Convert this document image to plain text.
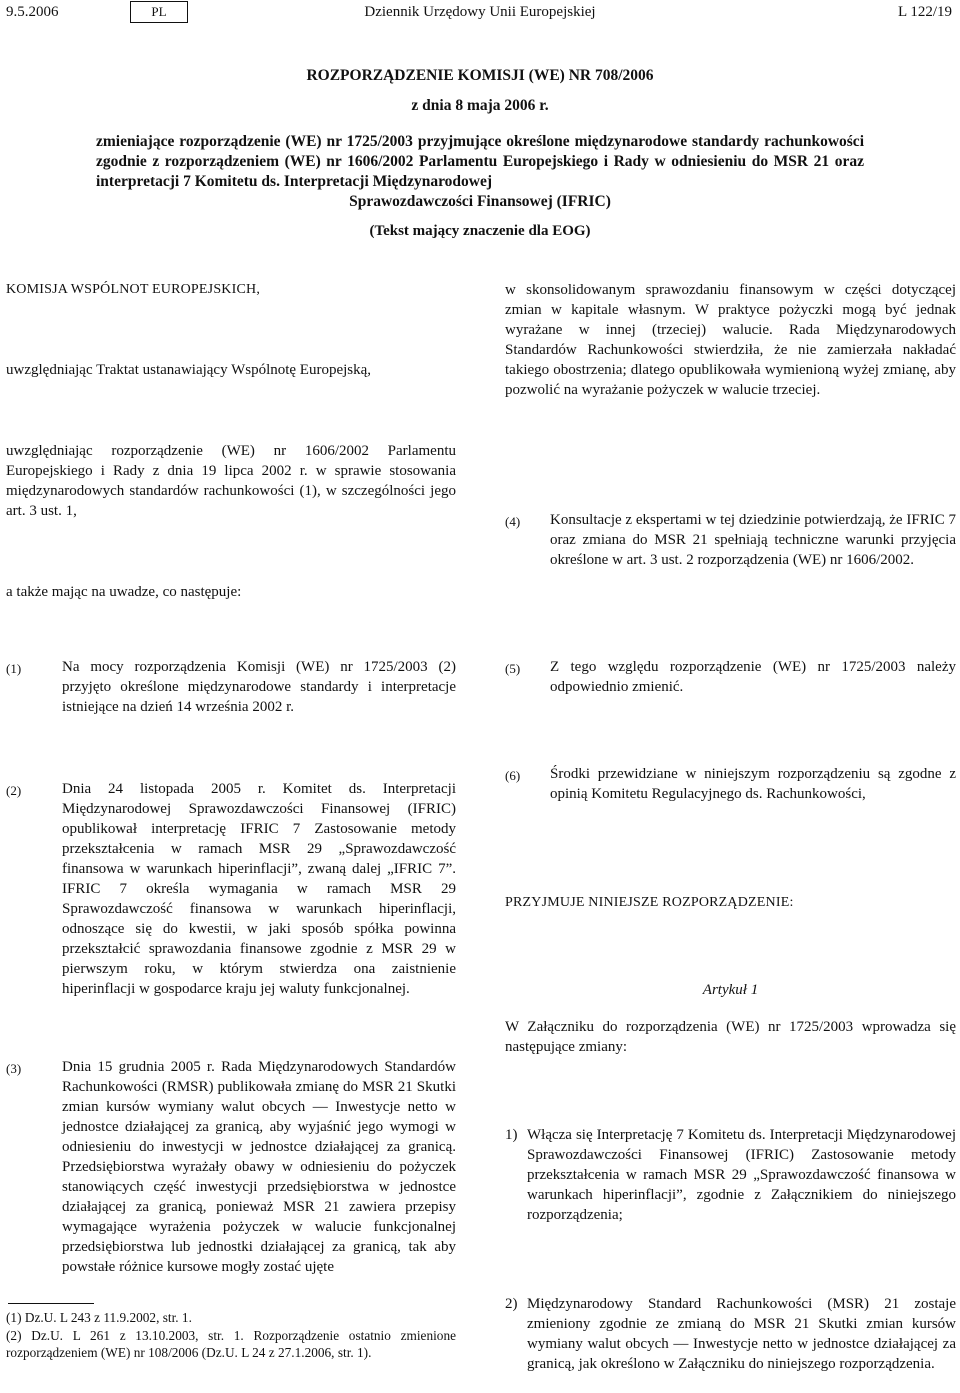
9.5.2006	PL	Dziennik Urzędowy Unii Europejskiej	L 122/19
ROZPORZĄDZENIE KOMISJI (WE) NR 708/2006
z dnia 8 maja 2006 r.
zmieniające rozporządzenie (WE) nr 1725/2003 przyjmujące określone międzynarodowe standardy rachunkowości zgodnie z rozporządzeniem (WE) nr 1606/2002 Parlamentu Europejskiego i Rady w odniesieniu do MSR 21 oraz interpretacji 7 Komitetu ds. Interpretacji Międzynarodowej
Sprawozdawczości Finansowej (IFRIC)
(Tekst mający znaczenie dla EOG)
KOMISJA WSPÓLNOT EUROPEJSKICH,
uwzględniając Traktat ustanawiający Wspólnotę Europejską,
uwzględniając rozporządzenie (WE) nr 1606/2002 Parlamentu Europejskiego i Rady z dnia 19 lipca 2002 r. w sprawie stosowania międzynarodowych standardów rachunkowości (1), w szczególności jego art. 3 ust. 1,
a także mając na uwadze, co następuje:
(1)	Na mocy rozporządzenia Komisji (WE) nr 1725/2003 (2) przyjęto określone międzynarodowe standardy i interpretacje istniejące na dzień 14 września 2002 r.
(2)	Dnia 24 listopada 2005 r. Komitet ds. Interpretacji Międzynarodowej Sprawozdawczości Finansowej (IFRIC) opublikował interpretację IFRIC 7 Zastosowanie metody przekształcenia w ramach MSR 29 „Sprawozdawczość finansowa w warunkach hiperinflacji”, zwaną dalej „IFRIC 7”. IFRIC 7 określa wymagania w ramach MSR 29 Sprawozdawczość finansowa w warunkach hiperinflacji, odnoszące się do kwestii, w jaki sposób spółka powinna przekształcić sprawozdania finansowe zgodnie z MSR 29 w pierwszym roku, w którym stwierdza ona zaistnienie hiperinflacji w gospodarce kraju jej waluty funkcjonalnej.
(3)	Dnia 15 grudnia 2005 r. Rada Międzynarodowych Standardów Rachunkowości (RMSR) publikowała zmianę do MSR 21 Skutki zmian kursów wymiany walut obcych — Inwestycje netto w jednostce działającej za granicą, aby wyjaśnić jego wymogi w odniesieniu do inwestycji w jednostce działającej za granicą. Przedsiębiorstwa wyrażały obawy w odniesieniu do pożyczek stanowiących część inwestycji przedsiębiorstwa w jednostce działającej za granicą, ponieważ MSR 21 zawiera przepisy wymagające wyrażenia pożyczek w walucie funkcjonalnej przedsiębiorstwa lub jednostki działającej za granicą, tak aby powstałe różnice kursowe mogły zostać ujęte
(1) Dz.U. L 243 z 11.9.2002, str. 1.
(2) Dz.U. L 261 z 13.10.2003, str. 1. Rozporządzenie ostatnio zmienione rozporządzeniem (WE) nr 108/2006 (Dz.U. L 24 z 27.1.2006, str. 1).
w skonsolidowanym sprawozdaniu finansowym w części dotyczącej zmian w kapitale własnym. W praktyce pożyczki mogą być jednak wyrażane w innej (trzeciej) walucie. Rada Międzynarodowych Standardów Rachunkowości stwierdziła, że nie zamierzała nakładać takiego obostrzenia; dlatego opublikowała wymienioną wyżej zmianę, aby pozwolić na wyrażanie pożyczek w walucie trzeciej.
(4) Konsultacje z ekspertami w tej dziedzinie potwierdzają, że IFRIC 7 oraz zmiana do MSR 21 spełniają techniczne warunki przyjęcia określone w art. 3 ust. 2 rozporządzenia (WE) nr 1606/2002.
(5) Z tego względu rozporządzenie (WE) nr 1725/2003 należy odpowiednio zmienić.
(6) Środki przewidziane w niniejszym rozporządzeniu są zgodne z opinią Komitetu Regulacyjnego ds. Rachunkowości,
PRZYJMUJE NINIEJSZE ROZPORZĄDZENIE:
Artykuł 1
W Załączniku do rozporządzenia (WE) nr 1725/2003 wprowadza się następujące zmiany:
1) Włącza się Interpretację 7 Komitetu ds. Interpretacji Międzynarodowej Sprawozdawczości Finansowej (IFRIC) Zastosowanie metody przekształcenia w ramach MSR 29 „Sprawozdawczość finansowa w warunkach hiperinflacji”, zgodnie z Załącznikiem do niniejszego rozporządzenia;
2) Międzynarodowy Standard Rachunkowości (MSR) 21 zostaje zmieniony zgodnie ze zmianą do MSR 21 Skutki zmian kursów wymiany walut obcych — Inwestycje netto w jednostce działającej za granicą, jak określono w Załączniku do niniejszego rozporządzenia.
